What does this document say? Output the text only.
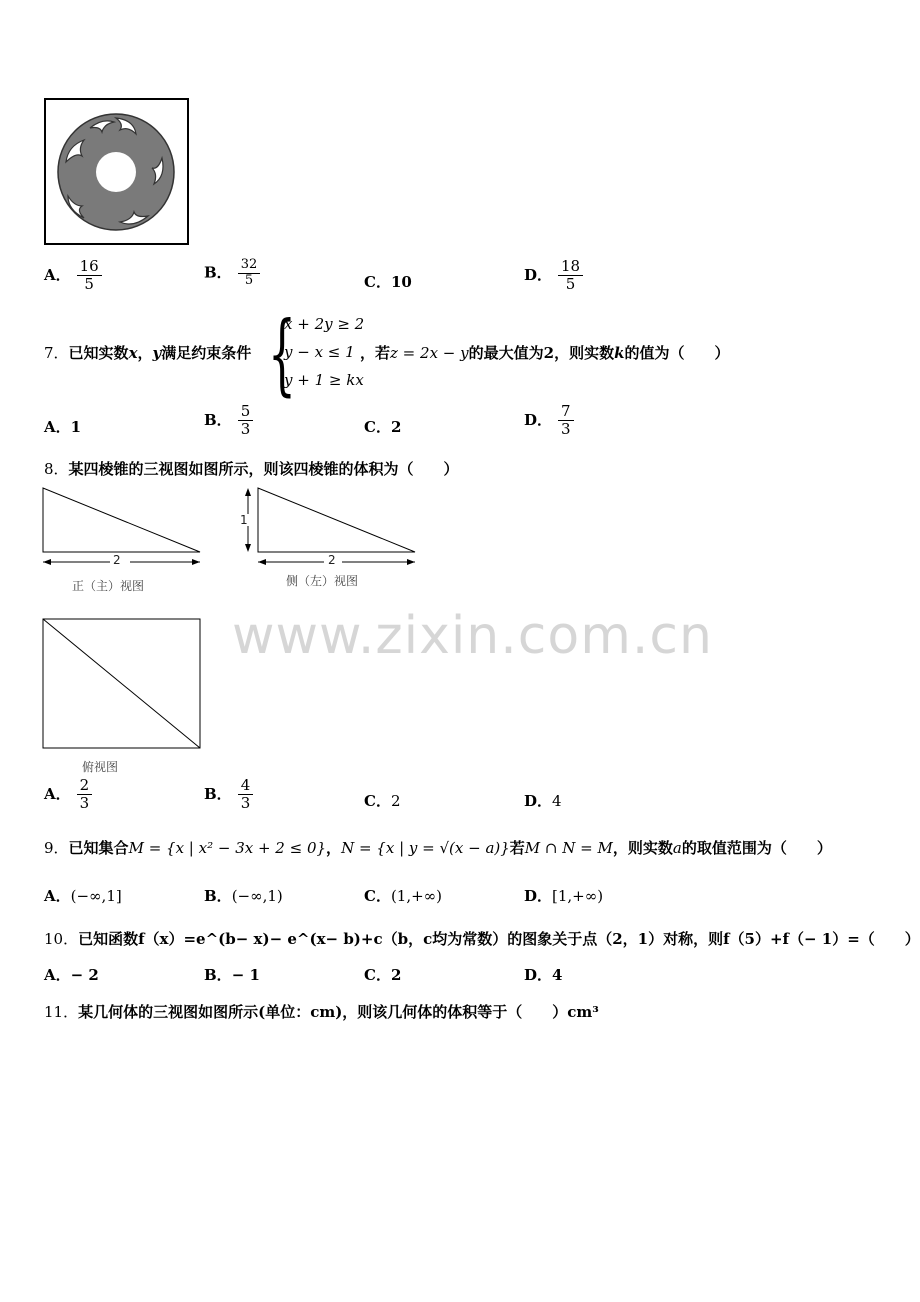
A． $\frac{16}{5}$	B． $\frac{32}{5}$	C．10	D． $\frac{18}{5}$
7．已知实数x，y满足约束条件 {
x + 2y ≥ 2
y − x ≤ 1
y + 1 ≥ kx
，若z = 2x − y的最大值为2，则实数k的值为（　　）
A．1	B． $\frac{5}{3}$	C．2	D． $\frac{7}{3}$
8．某四棱锥的三视图如图所示，则该四棱锥的体积为（　　）
2
正（主）视图
1
2
侧（左）视图
www.zixin.com.cn
俯视图
A． $\frac{2}{3}$	B． $\frac{4}{3}$	C．2	D．4
9．已知集合M = {x | x² − 3x + 2 ≤ 0}，N = {x | y = √(x − a)}若M ∩ N = M，则实数a的取值范围为（　　）
A．(−∞,1]	B．(−∞,1)	C．(1,+∞)	D．[1,+∞)
10．已知函数f（x）=e^(b− x)− e^(x− b)+c（b，c均为常数）的图象关于点（2，1）对称，则f（5）+f（− 1）=（　　）
A．− 2	B．− 1	C．2	D．4
11．某几何体的三视图如图所示(单位：cm)，则该几何体的体积等于（　　）cm³
